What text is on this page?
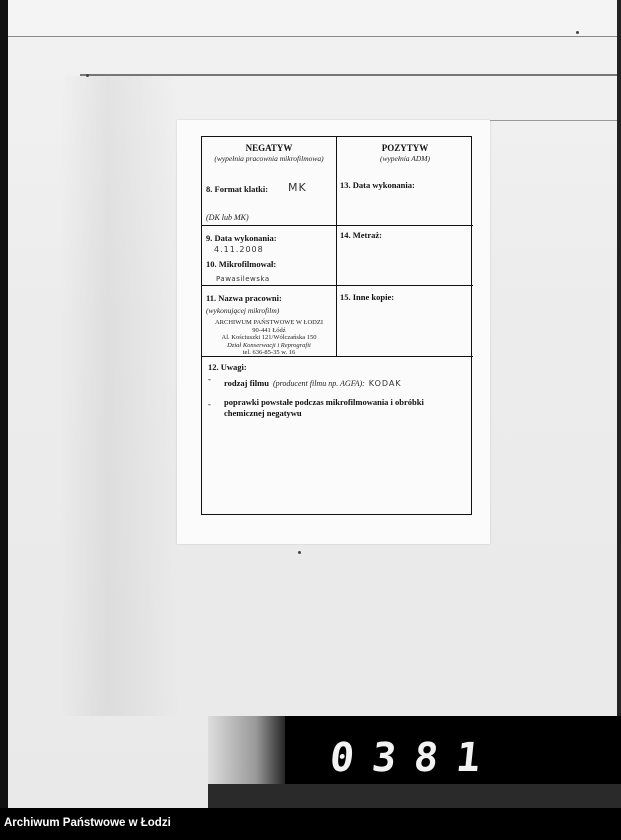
NEGATYW
(wypełnia pracownia mikrofilmowa)
8. Format klatki: MK
(DK lub MK)
POZYTYW
(wypełnia ADM)
13. Data wykonania:
9. Data wykonania:
4.11.2008
10. Mikrofilmował:
Pawasilewska
14. Metraż:
11. Nazwa pracowni:
(wykonującej mikrofilm)
15. Inne kopie:
ARCHIWUM PAŃSTWOWE W ŁODZI
90-441 Łódź
Al. Kościuszki 121/Wólczańska 150
Dział Konserwacji i Reprografii
tel. 636-85-35 w. 16
12. Uwagi:
- rodzaj filmu (producent filmu np. AGFA): KODAK
- poprawki powstałe podczas mikrofilmowania i obróbki chemicznej negatywu
0381
Archiwum Państwowe w Łodzi
